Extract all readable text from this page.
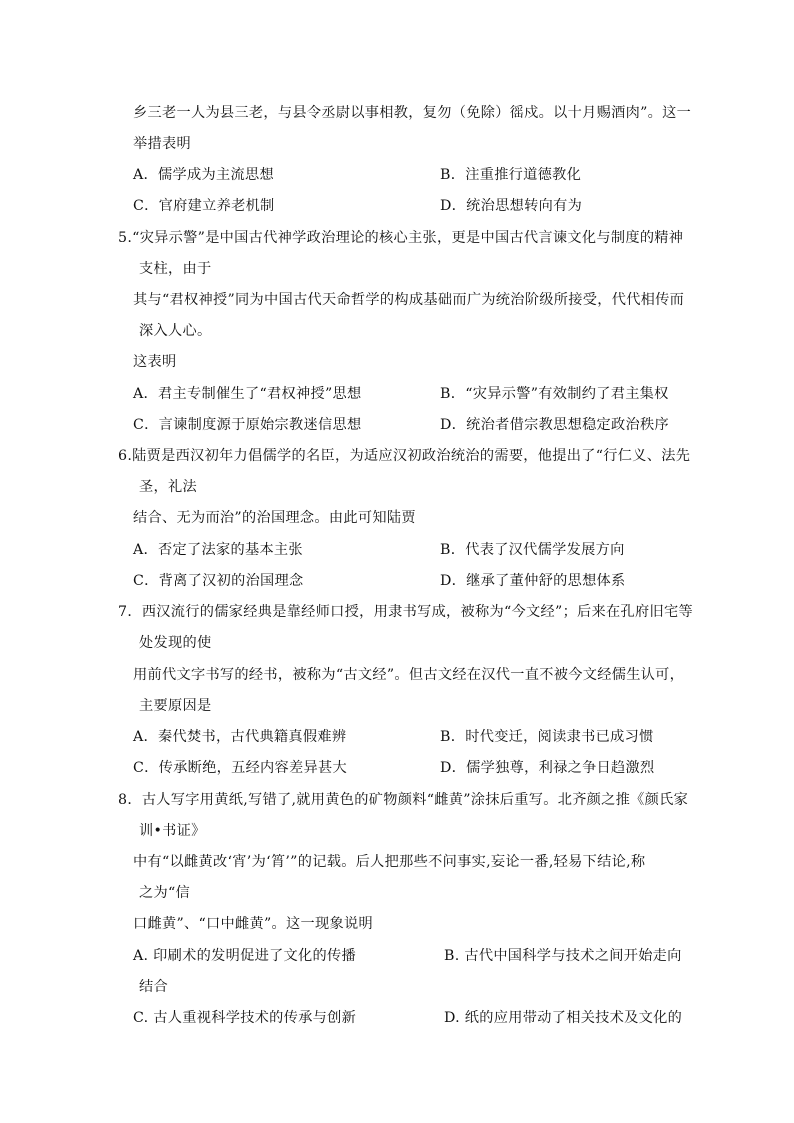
乡三老一人为县三老，与县令丞尉以事相教，复勿（免除）徭戍。以十月赐酒肉”。这一
举措表明
A．儒学成为主流思想	B．注重推行道德教化
C．官府建立养老机制	D．统治思想转向有为
5.“灾异示警”是中国古代神学政治理论的核心主张，更是中国古代言谏文化与制度的精神
支柱，由于
其与“君权神授”同为中国古代天命哲学的构成基础而广为统治阶级所接受，代代相传而
深入人心。
这表明
A．君主专制催生了“君权神授”思想	B．“灾异示警”有效制约了君主集权
C．言谏制度源于原始宗教迷信思想	D．统治者借宗教思想稳定政治秩序
6.陆贾是西汉初年力倡儒学的名臣，为适应汉初政治统治的需要，他提出了“行仁义、法先
圣，礼法
结合、无为而治”的治国理念。由此可知陆贾
A．否定了法家的基本主张	B．代表了汉代儒学发展方向
C．背离了汉初的治国理念	D．继承了董仲舒的思想体系
7．西汉流行的儒家经典是靠经师口授，用隶书写成，被称为“今文经”；后来在孔府旧宅等
处发现的使
用前代文字书写的经书，被称为“古文经”。但古文经在汉代一直不被今文经儒生认可，
主要原因是
A．秦代焚书，古代典籍真假难辨	B．时代变迁，阅读隶书已成习惯
C．传承断绝，五经内容差异甚大	D．儒学独尊，利禄之争日趋激烈
8．古人写字用黄纸,写错了,就用黄色的矿物颜料“雌黄”涂抹后重写。北齐颜之推《颜氏家
训•书证》
中有“以雌黄改‘宵’为‘筲’”的记载。后人把那些不问事实,妄论一番,轻易下结论,称
之为“信
口雌黄”、“口中雌黄”。这一现象说明
A. 印刷术的发明促进了文化的传播	B. 古代中国科学与技术之间开始走向
结合
C. 古人重视科学技术的传承与创新	D. 纸的应用带动了相关技术及文化的
